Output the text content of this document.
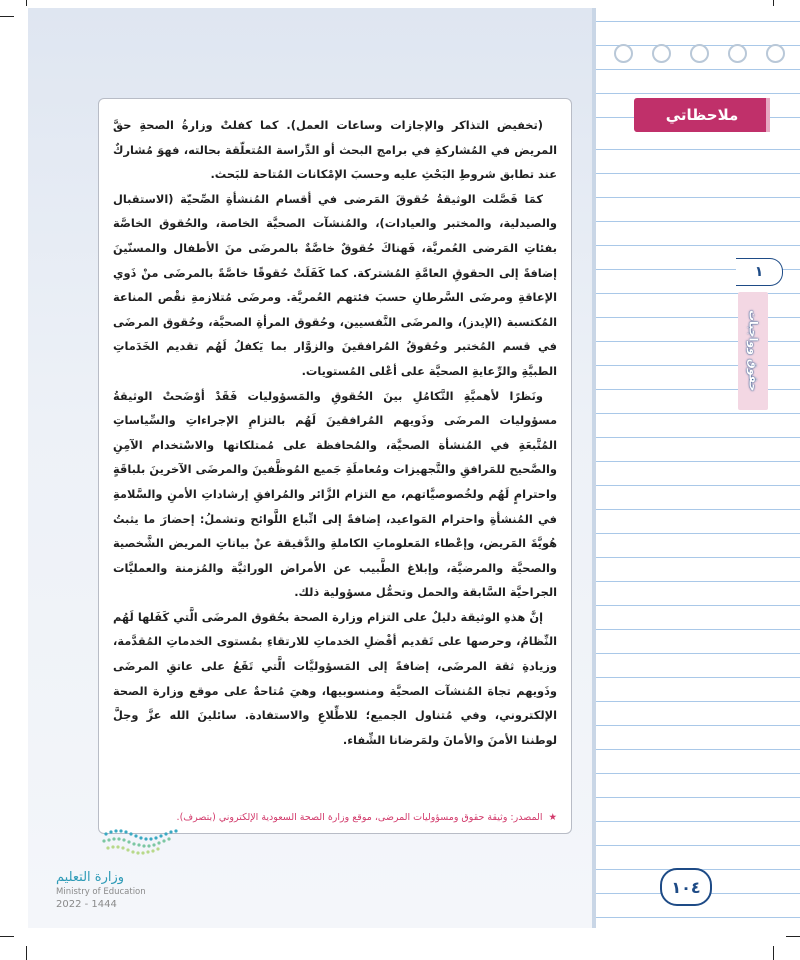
(تخفيض التذاكر والإجازات وساعات العمل). كما كفلتْ وزارةُ الصحةِ حقَّ المريض في المُشاركةِ في برامج البحث أو الدِّراسة المُتعلّقة بحالته، فهوَ مُشاركٌ عند تطابق شروطِ البَحْثِ عليه وحسبَ الإمْكانات المُتاحة للبَحث.

كمَا فَصَّلت الوثيقةُ حُقوقَ المَرضى في أقسام المُنشأةِ الصِّحيّة (الاستقبال والصيدلية، والمختبر والعيادات)، والمُنشآت الصحيَّة الخاصة، والحُقوق الخاصَّة بفئاتِ المَرضى العُمريَّة، فَهناكَ حُقوقٌ خاصَّةٌ بالمرضَى منَ الأطفال والمسنّينَ إضافةً إلى الحقوقِ العامَّةِ المُشتركة. كما كَفَلَتْ حُقوقًا خاصَّةً بالمرضَى منْ ذَوي الإعاقةِ ومرضَى السَّرطانِ حسبَ فئتهم العُمريَّة. ومرضَى مُتلازمةِ نقْص المناعة المُكتسبة (الإيدز)، والمرضَى النَّفسيين، وحُقوق المرأةِ الصحيَّة، وحُقوق المرضَى في قسم المُختبر وحُقوقُ المُرافقينَ والزوَّار بما يَكفلُ لَهُم تقديم الخَدَماتِ الطبيَّةِ والرِّعايةِ الصحيَّة على أعْلى المُستويات.

ونَظرًا لأهميَّةِ التَّكامُلِ بينَ الحُقوقِ والمَسؤوليات فَقَدْ أوْضَحتْ الوثيقةُ مسؤوليات المرضَى وذَويهم المُرافقينَ لَهُم بالتزامِ الإجراءاتِ والسِّياساتِ المُتَّبعَةِ في المُنشأة الصحيَّة، والمُحافظة على مُمتلكاتها والاسْتخدام الآمِنِ والصَّحيح للمَرافقِ والتَّجهيزات ومُعاملَةِ جَميع المُوظَّفينَ والمرضَى الآخرينَ بلباقَةٍ واحترامٍ لَهُم ولخُصوصيَّاتهم، مع التزام الزَّائر والمُرافقِ إرشاداتِ الأمنِ والسَّلامةِ في المُنشأةِ واحترام المَواعيد، إضافةً إلى اتِّباع اللَّوائح وتشملُ: إحضارَ ما يثبتُ هُويَّةَ المَريض، وإعْطاء المَعلوماتِ الكاملةِ والدَّقيقة عنْ بياناتِ المريض الشَّخصية والصحيَّة والمرضيَّة، وإبلاغ الطَّبيب عن الأمراض الوراثيَّة والمُزمنة والعمليَّات الجراحيَّة السَّابقة والحمل وتحمُّل مسؤولية ذلك.

إنَّ هذهِ الوثيقة دليلٌ على التزام وزارة الصحة بحُقوق المرضَى الَّتي كَفَلها لَهُم النِّظامُ، وحرصها على تَقديم أفْضلِ الخدماتِ للارتقاءِ بمُستوى الخدماتِ المُقدَّمة، وزيادةِ ثقة المرضَى، إضافةً إلى المَسؤوليَّات الَّتي تَقَعُ على عاتقِ المرضَى وذَويهم تجاهَ المُنشآت الصحيَّة ومنسوبيها، وهيَ مُتاحةٌ على موقع وزارة الصحة الإلكتروني، وفي مُتناول الجميع؛ للاطِّلاعِ والاستفادة. سائلينَ الله عزَّ وجلَّ لوطننا الأمنَ والأمانَ ولمَرضانا الشِّفاء.

★المصدر: وثيقة حقوق ومسؤوليات المرضى، موقع وزارة الصحة السعودية الإلكتروني (بتصرف).
وزارة التعليم
Ministry of Education
2022 - 1444
ملاحظاتي
١
حقوق وواجبات
١٠٤
